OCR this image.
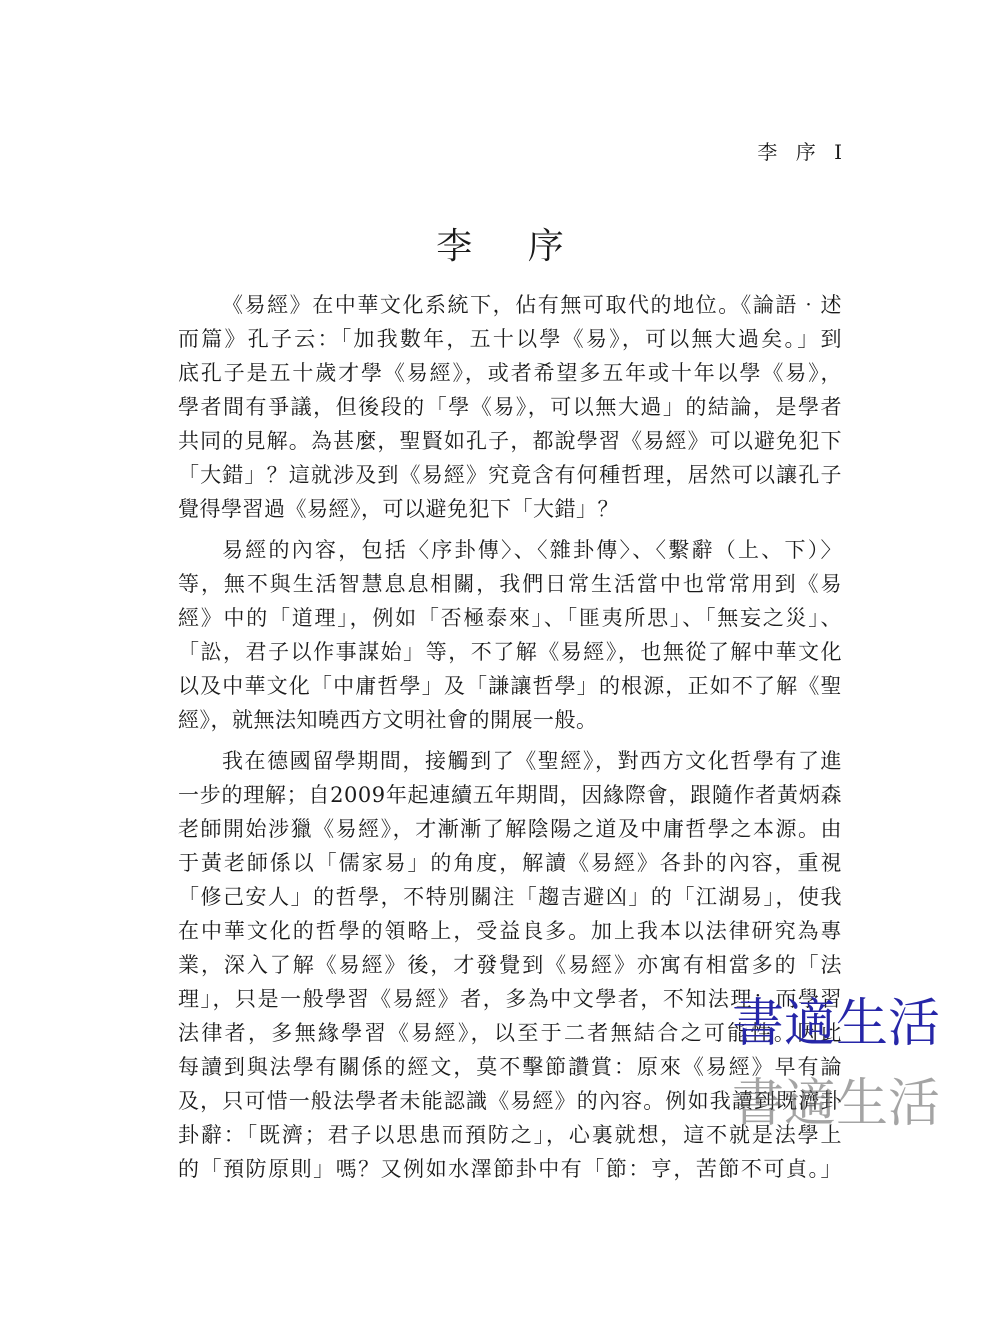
李 序 I
李 序
《易經》在中華文化系統下，佔有無可取代的地位。《論語‧述
而篇》孔子云：「加我數年，五十以學《易》，可以無大過矣。」到
底孔子是五十歲才學《易經》，或者希望多五年或十年以學《易》，
學者間有爭議，但後段的「學《易》，可以無大過」的結論，是學者
共同的見解。為甚麼，聖賢如孔子，都說學習《易經》可以避免犯下
「大錯」？這就涉及到《易經》究竟含有何種哲理，居然可以讓孔子
覺得學習過《易經》，可以避免犯下「大錯」？
易經的內容，包括〈序卦傳〉、〈雜卦傳〉、〈繫辭（上、下）〉
等，無不與生活智慧息息相關，我們日常生活當中也常常用到《易
經》中的「道理」，例如「否極泰來」、「匪夷所思」、「無妄之災」、
「訟，君子以作事謀始」等，不了解《易經》，也無從了解中華文化
以及中華文化「中庸哲學」及「謙讓哲學」的根源，正如不了解《聖
經》，就無法知曉西方文明社會的開展一般。
我在德國留學期間，接觸到了《聖經》，對西方文化哲學有了進
一步的理解；自2009年起連續五年期間，因緣際會，跟隨作者黃炳森
老師開始涉獵《易經》，才漸漸了解陰陽之道及中庸哲學之本源。由
于黃老師係以「儒家易」的角度，解讀《易經》各卦的內容，重視
「修己安人」的哲學，不特別關注「趨吉避凶」的「江湖易」，使我
在中華文化的哲學的領略上，受益良多。加上我本以法律研究為專
業，深入了解《易經》後，才發覺到《易經》亦寓有相當多的「法
理」，只是一般學習《易經》者，多為中文學者，不知法理；而學習
法律者，多無緣學習《易經》，以至于二者無結合之可能性。因此
每讀到與法學有關係的經文，莫不擊節讚賞：原來《易經》早有論
及，只可惜一般法學者未能認識《易經》的內容。例如我讀到既濟卦
卦辭：「既濟；君子以思患而預防之」，心裏就想，這不就是法學上
的「預防原則」嗎？又例如水澤節卦中有「節：亨，苦節不可貞。」
書適生活
書適生活
